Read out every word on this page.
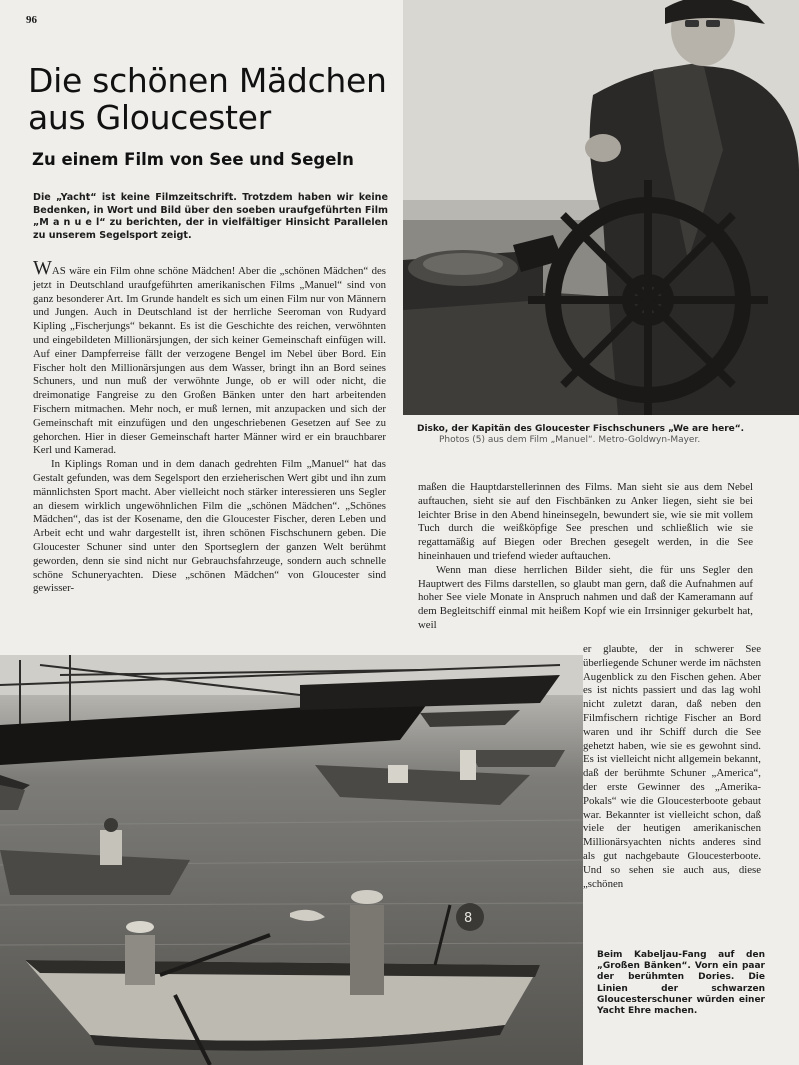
96
Die schönen Mädchen
aus Gloucester
Zu einem Film von See und Segeln

Die „Yacht“ ist keine Filmzeitschrift. Trotzdem haben wir keine Bedenken, in Wort und Bild über den soeben uraufgeführten Film „M a n u e l“ zu berichten, der in vielfältiger Hinsicht Parallelen zu unserem Segelsport zeigt.

WAS wäre ein Film ohne schöne Mädchen! Aber die „schönen Mädchen“ des jetzt in Deutschland uraufgeführten amerikanischen Films „Manuel“ sind von ganz besonderer Art. Im Grunde handelt es sich um einen Film nur von Männern und Jungen. Auch in Deutschland ist der herrliche Seeroman von Rudyard Kipling „Fischerjungs“ bekannt. Es ist die Geschichte des reichen, verwöhnten und eingebildeten Millionärsjungen, der sich keiner Gemeinschaft einfügen will. Auf einer Dampferreise fällt der verzogene Bengel im Nebel über Bord. Ein Fischer holt den Millionärsjungen aus dem Wasser, bringt ihn an Bord seines Schuners, und nun muß der verwöhnte Junge, ob er will oder nicht, die dreimonatige Fangreise zu den Großen Bänken unter den hart arbeitenden Fischern mitmachen. Mehr noch, er muß lernen, mit anzupacken und sich der Gemeinschaft mit einzufügen und den ungeschriebenen Gesetzen auf See zu gehorchen. Hier in dieser Gemeinschaft harter Männer wird er ein brauchbarer Kerl und Kamerad.

In Kiplings Roman und in dem danach gedrehten Film „Manuel“ hat das Gestalt gefunden, was dem Segelsport den erzieherischen Wert gibt und ihn zum männlichsten Sport macht. Aber vielleicht noch stärker interessieren uns Segler an diesem wirklich ungewöhnlichen Film die „schönen Mädchen“. „Schönes Mädchen“, das ist der Kosename, den die Gloucester Fischer, deren Leben und Arbeit echt und wahr dargestellt ist, ihren schönen Fischschunern geben. Die Gloucester Schuner sind unter den Sportseglern der ganzen Welt berühmt geworden, denn sie sind nicht nur Gebrauchsfahrzeuge, sondern auch schnelle schöne Schuneryachten. Diese „schönen Mädchen“ von Gloucester sind gewisser-

Disko, der Kapitän des Gloucester Fischschuners „We are here“.
Photos (5) aus dem Film „Manuel“. Metro-Goldwyn-Mayer.

maßen die Hauptdarstellerinnen des Films. Man sieht sie aus dem Nebel auftauchen, sieht sie auf den Fischbänken zu Anker liegen, sieht sie bei leichter Brise in den Abend hineinsegeln, bewundert sie, wie sie mit vollem Tuch durch die weißköpfige See preschen und schließlich wie sie regattamäßig auf Biegen oder Brechen gesegelt werden, in die See hineinhauen und triefend wieder auftauchen.

Wenn man diese herrlichen Bilder sieht, die für uns Segler den Hauptwert des Films darstellen, so glaubt man gern, daß die Aufnahmen auf hoher See viele Monate in Anspruch nahmen und daß der Kameramann auf dem Begleitschiff einmal mit heißem Kopf wie ein Irrsinniger gekurbelt hat, weil

8
er glaubte, der in schwerer See überliegende Schuner werde im nächsten Augenblick zu den Fischen gehen. Aber es ist nichts passiert und das lag wohl nicht zuletzt daran, daß neben den Filmfischern richtige Fischer an Bord waren und ihr Schiff durch die See gehetzt haben, wie sie es gewohnt sind. Es ist vielleicht nicht allgemein bekannt, daß der berühmte Schuner „America“, der erste Gewinner des „Amerika-Pokals“ wie die Gloucesterboote gebaut war. Bekannter ist vielleicht schon, daß viele der heutigen amerikanischen Millionärsyachten nichts anderes sind als gut nachgebaute Gloucesterboote. Und so sehen sie auch aus, diese „schönen
Beim Kabeljau-Fang auf den „Großen Bänken“. Vorn ein paar der berühmten Dories. Die Linien der schwarzen Gloucesterschuner würden einer Yacht Ehre machen.
